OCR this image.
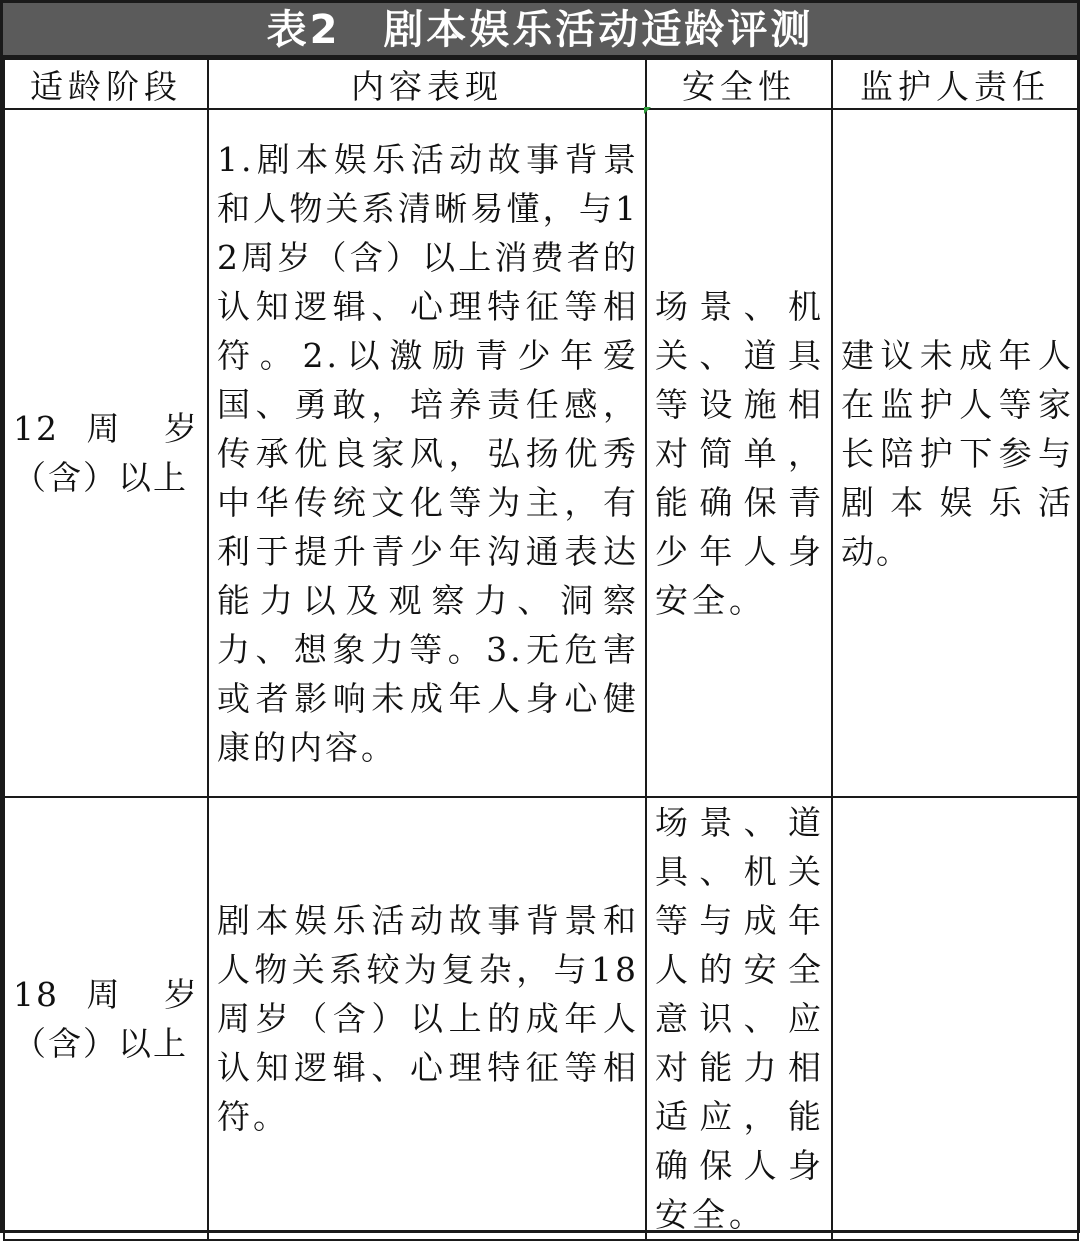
表2　剧本娱乐活动适龄评测
适龄阶段	内容表现	安全性	监护人责任

12 周 岁（含）以上	1.剧本娱乐活动故事背景和人物关系清晰易懂，与12周岁（含）以上消费者的认知逻辑、心理特征等相符。2.以激励青少年爱国、勇敢，培养责任感，传承优良家风，弘扬优秀中华传统文化等为主，有利于提升青少年沟通表达能力以及观察力、洞察力、想象力等。3.无危害或者影响未成年人身心健康的内容。	场景、机关、道具等设施相对简单，能确保青少年人身安全。	建议未成年人在监护人等家长陪护下参与剧本娱乐活动。

18 周 岁（含）以上	剧本娱乐活动故事背景和人物关系较为复杂，与18周岁（含）以上的成年人认知逻辑、心理特征等相符。	场景、道具、机关等与成年人的安全意识、应对能力相适应，能确保人身安全。	
